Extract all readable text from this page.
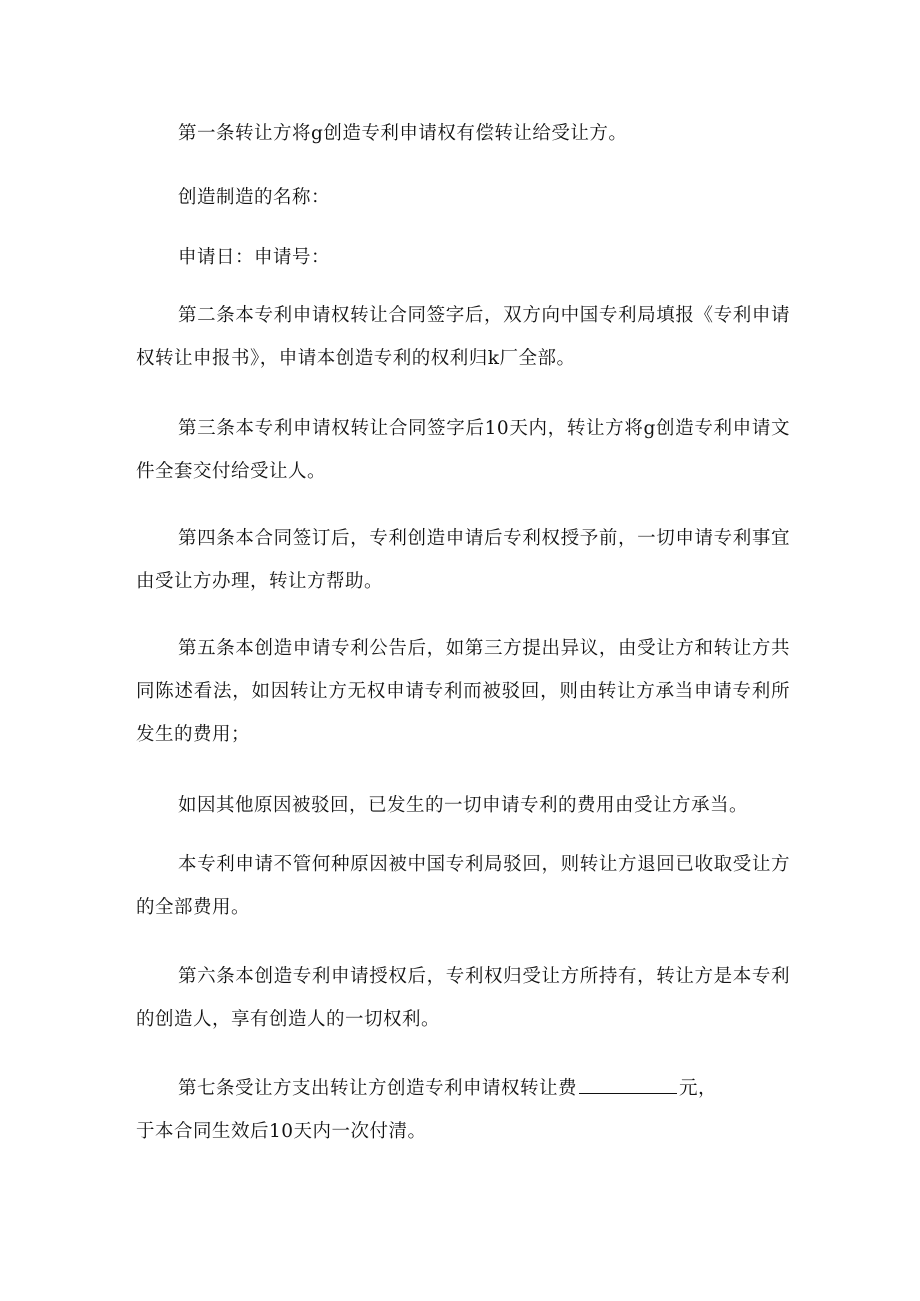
第一条转让方将g创造专利申请权有偿转让给受让方。

创造制造的名称：

申请日：申请号：

第二条本专利申请权转让合同签字后，双方向中国专利局填报《专利申请权转让申报书》，申请本创造专利的权利归k厂全部。

第三条本专利申请权转让合同签字后10天内，转让方将g创造专利申请文件全套交付给受让人。

第四条本合同签订后，专利创造申请后专利权授予前，一切申请专利事宜由受让方办理，转让方帮助。

第五条本创造申请专利公告后，如第三方提出异议，由受让方和转让方共同陈述看法，如因转让方无权申请专利而被驳回，则由转让方承当申请专利所发生的费用；

如因其他原因被驳回，已发生的一切申请专利的费用由受让方承当。

本专利申请不管何种原因被中国专利局驳回，则转让方退回已收取受让方的全部费用。

第六条本创造专利申请授权后，专利权归受让方所持有，转让方是本专利的创造人，享有创造人的一切权利。

第七条受让方支出转让方创造专利申请权转让费	元，

于本合同生效后10天内一次付清。
